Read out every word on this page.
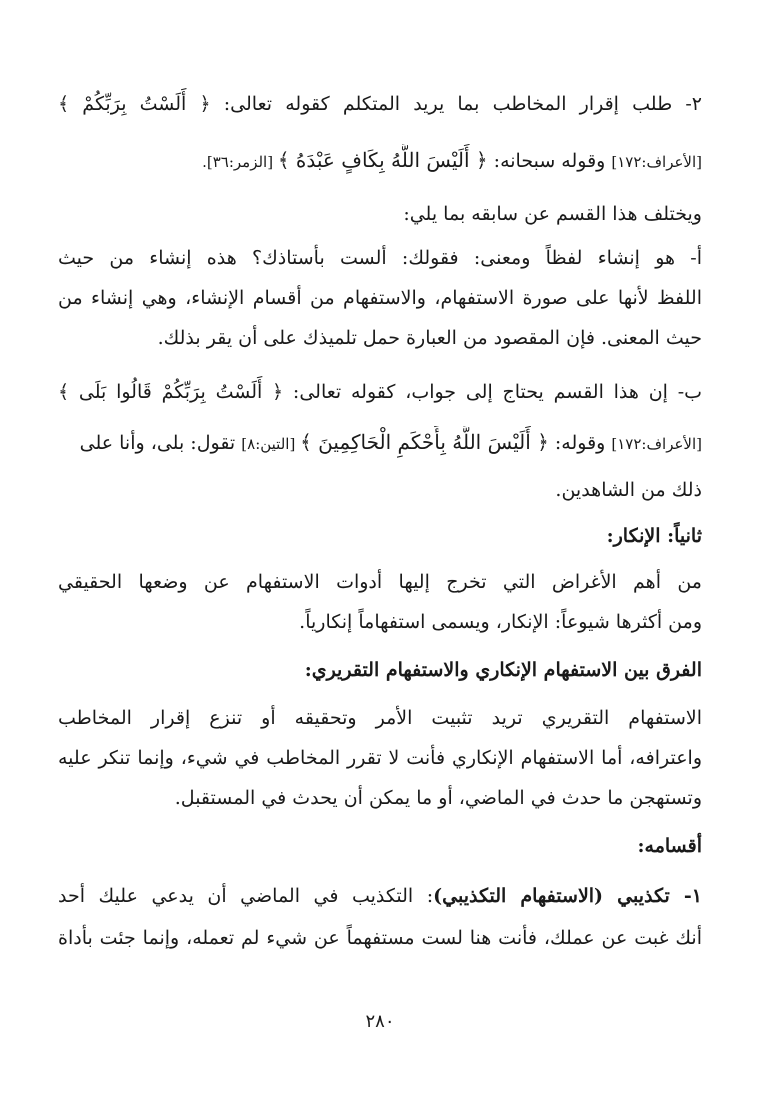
٢- طلب إقرار المخاطب بما يريد المتكلم كقوله تعالى: ﴿ أَلَسْتُ بِرَبِّكُمْ ﴾
[الأعراف:١٧٢] وقوله سبحانه: ﴿ أَلَيْسَ اللَّهُ بِكَافٍ عَبْدَهُ ﴾ [الزمر:٣٦].
ويختلف هذا القسم عن سابقه بما يلي:
أ- هو إنشاء لفظاً ومعنى: فقولك: ألست بأستاذك؟ هذه إنشاء من حيث
اللفظ لأنها على صورة الاستفهام، والاستفهام من أقسام الإنشاء، وهي إنشاء من
حيث المعنى. فإن المقصود من العبارة حمل تلميذك على أن يقر بذلك.
ب- إن هذا القسم يحتاج إلى جواب، كقوله تعالى: ﴿ أَلَسْتُ بِرَبِّكُمْ قَالُوا بَلَى ﴾
[الأعراف:١٧٢] وقوله: ﴿ أَلَيْسَ اللَّهُ بِأَحْكَمِ الْحَاكِمِينَ ﴾ [التين:٨] تقول: بلى، وأنا على
ذلك من الشاهدين.
ثانياً: الإنكار:
من أهم الأغراض التي تخرج إليها أدوات الاستفهام عن وضعها الحقيقي
ومن أكثرها شيوعاً: الإنكار، ويسمى استفهاماً إنكارياً.
الفرق بين الاستفهام الإنكاري والاستفهام التقريري:
الاستفهام التقريري تريد تثبيت الأمر وتحقيقه أو تنزع إقرار المخاطب
واعترافه، أما الاستفهام الإنكاري فأنت لا تقرر المخاطب في شيء، وإنما تنكر عليه
وتستهجن ما حدث في الماضي، أو ما يمكن أن يحدث في المستقبل.
أقسامه:
١- تكذيبي (الاستفهام التكذيبي): التكذيب في الماضي أن يدعي عليك أحد
أنك غبت عن عملك، فأنت هنا لست مستفهماً عن شيء لم تعمله، وإنما جئت بأداة
٢٨٠
